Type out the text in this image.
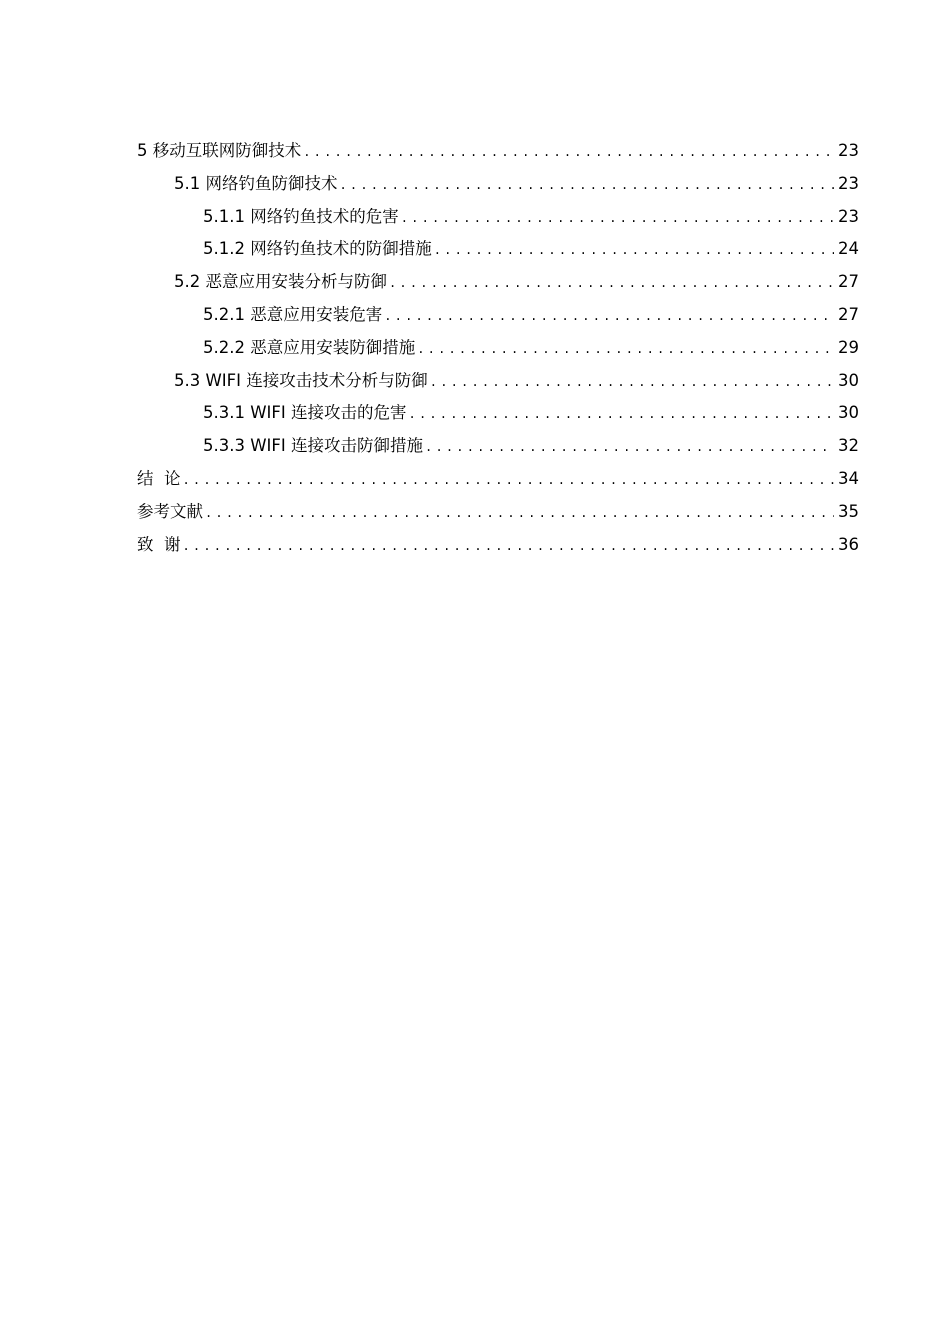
5 移动互联网防御技术 .....	23
5.1 网络钓鱼防御技术 .....	23
5.1.1 网络钓鱼技术的危害 .....	23
5.1.2 网络钓鱼技术的防御措施 .....	24
5.2 恶意应用安装分析与防御 .....	27
5.2.1 恶意应用安装危害 .....	27
5.2.2 恶意应用安装防御措施 .....	29
5.3 WIFI 连接攻击技术分析与防御 .....	30
5.3.1 WIFI 连接攻击的危害 .....	30
5.3.3 WIFI 连接攻击防御措施 .....	32
结  论 .....	34
参考文献 .....	35
致  谢 .....	36
